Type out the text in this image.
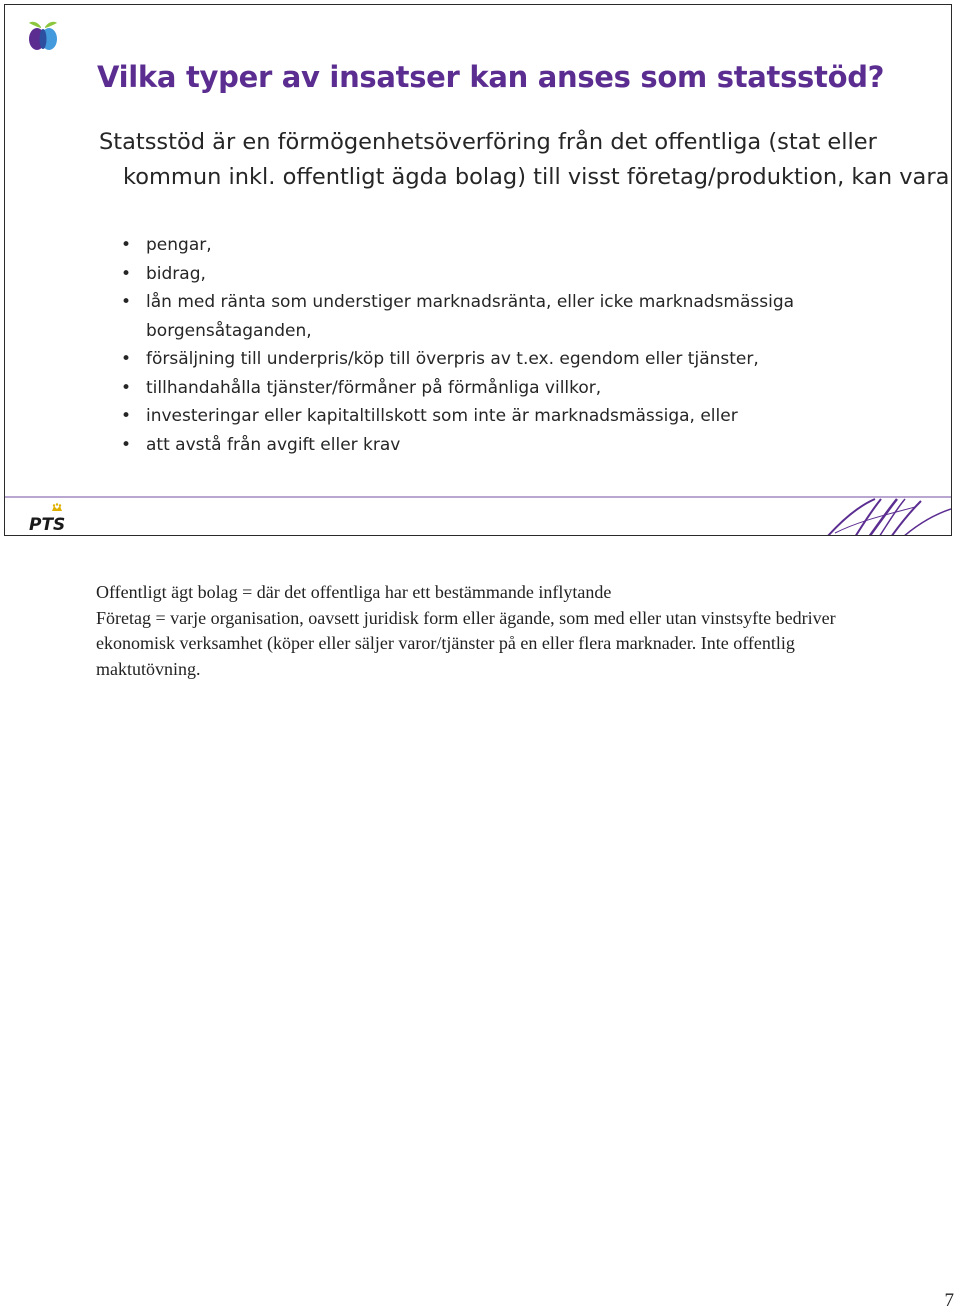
Vilka typer av insatser kan anses som statsstöd?
Statsstöd är en förmögenhetsöverföring från det offentliga (stat eller kommun inkl. offentligt ägda bolag) till visst företag/produktion, kan vara
• pengar,
• bidrag,
• lån med ränta som understiger marknadsränta, eller icke marknadsmässiga borgensåtaganden,
• försäljning till underpris/köp till överpris av t.ex. egendom eller tjänster,
• tillhandahålla tjänster/förmåner på förmånliga villkor,
• investeringar eller kapitaltillskott som inte är marknadsmässiga, eller
• att avstå från avgift eller krav
PTS

Offentligt ägt bolag = där det offentliga har ett bestämmande inflytande

Företag = varje organisation, oavsett juridisk form eller ägande, som med eller utan vinstsyfte bedriver ekonomisk verksamhet (köper eller säljer varor/tjänster på en eller flera marknader. Inte offentlig maktutövning.

7
